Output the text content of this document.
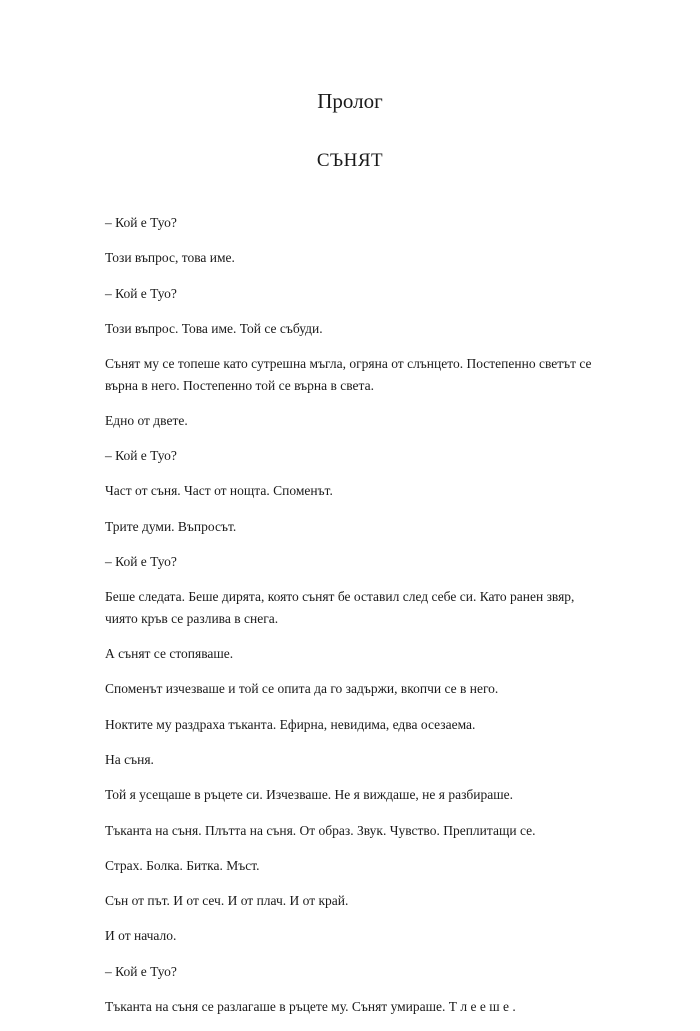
Пролог
СЪНЯТ

– Кой е Туо?

Този въпрос, това име.

– Кой е Туо?

Този въпрос. Това име. Той се събуди.

Сънят му се топеше като сутрешна мъгла, огряна от слънцето. Постепенно светът се върна в него. Постепенно той се върна в света.

Едно от двете.

– Кой е Туо?

Част от съня. Част от нощта. Споменът.

Трите думи. Въпросът.

– Кой е Туо?

Беше следата. Беше дирята, която сънят бе оставил след себе си. Като ранен звяр, чиято кръв се разлива в снега.

А сънят се стопяваше.

Споменът изчезваше и той се опита да го задържи, вкопчи се в него.

Ноктите му раздраха тъканта. Ефирна, невидима, едва осезаема.

На съня.

Той я усещаше в ръцете си. Изчезваше. Не я виждаше, не я разбираше.

Тъканта на съня. Плътта на съня. От образ. Звук. Чувство. Преплитащи се.

Страх. Болка. Битка. Мъст.

Сън от път. И от сеч. И от плач. И от край.

И от начало.

– Кой е Туо?

Тъканта на съня се разлагаше в ръцете му. Сънят умираше. Т л е е ш е .
